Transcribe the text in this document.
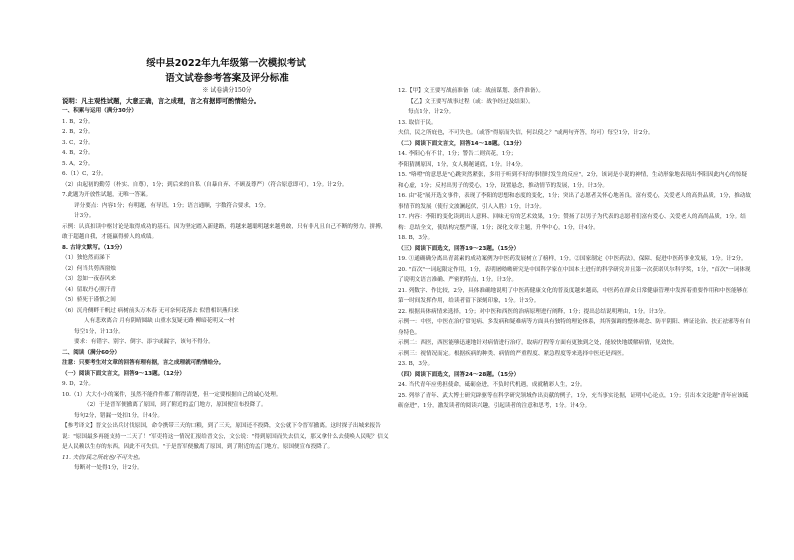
绥中县2022年九年级第一次模拟考试
语文试卷参考答案及评分标准
※ 试卷满分150分
说明：凡主观性试题，大意正确，言之成理，言之有据即可酌情给分。
一、积累与运用（满分30分）
1. B，2分。
2. B，2分。
3. C，2分。
4. B，2分。
5. A，2分。
6.（1）C，2分。
（2）由起初的勤劳（朴实、自尊），1分；到后来的自私（自暴自弃、不顾及尊严）（符合原意即可），1分。计2分。
7.此题为开放性试题，无唯一答案。
评分要点：内容1分；有明题，有导语，1分；语言通顺，字数符合要求，1分。
计3分。
示例：认真扣读中枢讨论是取得成功的基石。因为坚定踏入新建路，将越来越聪明越来越勇敢，只有非凡且自己不断的努力，拼搏，敢于超越自我，才能赢得骄人的成绩。
8. 古诗文默写。（13分）
（1）独怆然而涕下
（2）何当共剪西窗烛
（3）忽如一夜春风来
（4）留取丹心照汗青
（5）骄死于谨慎之间
（6）沉舟侧畔千帆过 病树前头万木春 无可奈何花落去 似曾相识燕归来
人有悲欢离合 月有阴晴圆缺 山重水复疑无路 柳暗花明又一村
每空1分，计13分。
要求：有错字、别字、倒字、添字或漏字，该句不得分。
二、阅读（满分60分）
注意：只要考生对文章的回答有理有据，言之成理就可酌情给分。
（一）阅读下面文言文，回答9～13题。（12分）
9. D，2分。
10.（1）大大小小的案件，虽然不能件件都了解得清楚，但一定要根据自己的诚心处理。
（2）于是晋军便撤离了原国，到了附近的孟门地方，原国便宣布投降了。
每句2分，错漏一处扣1分，计4分。
【参考译文】晋文公出兵讨伐原国，命令携带三天的口粮，到了三天，原国还不投降，文公就下令晋军撤离。这时探子出城来报告说："原国最多再能支持一二天了！"军吏将这一情况汇报给晋文公，文公说："得到原国而失去信义，那又拿什么去使唤人民呢？信义是人民赖以生存的东西，因此不可失信。"于是晋军便撤离了原国，到了附近的孟门地方，原国便宣布投降了。
11. 夫信/民之所庇也/不可失也。
每断对一处得1分，计2分。
12.【甲】文王要写战前准备（或：战前谋划、条件准备）。
【乙】文王要写战事过程（或：战争经过及结果）。
每点1分，计2分。
13. 取信于民。
夫信，民之所庇也，不可失也。（或答"得原而失信，何以使之？"或两句齐答，均可）每空1分，计2分。
（二）阅读下面文言文，回答14～18题。（13分）
14. 李阳心有不甘，1分；警告二则宾花，1分；
李阳猜测原因，1分，女人揭秘谜底，1分。计4分。
15. "咯噔"的意思是"心跳突然紧张，多用于听到不好的事情时发生的反应"，2分，该词是小说的神情，生动形象地表现出李阳因此内心的惊疑和心虚，1分；反衬出男子的爱心，1分，设置悬念，推动情节的发展，1分。计3分。
16. 由"花"展开选文事件，表现了李阳的思想和态度的变化，1分；突出了志愿者关怀心地善良，富有爱心，关爱老人的高贵品质，1分，推动故事情节的发展（使行文波澜起伏，引人入胜）1分，计3分。
17. 内容：李阳的变化读到出人意料、回味无穷的艺术效果，1分；赞扬了以男子为代表的志愿者们富有爱心、关爱老人的高尚品质，1分。结构：总结全文，使结构完整严谨，1分；深化文章主题，升华中心，1分，计4分。
18. B，3分。
（三）阅读下面选文，回答19～23题。（15分）
19. ①通确确分离出青蒿素的成功案例为中医药发展树立了榜样，1分。②国家制定《中医药法》，保障、促进中医药事业发展，1分。计2分。
20. "首次"一词起限定作用，1分，表明屠呦呦研究是中国科学家在中国本土进行的科学研究并且第一次获诺贝尔科学奖，1分，"首次"一词体现了说明文语言准确、严密的特点，1分。计3分。
21. 列数字、作比较，2分，具体准确地说明了中医药健康文化的普及度越来越高，中医药在群众日常健康管理中发挥着重要作用和中医能够在第一时间发挥作用，给读者留下深刻印象，1分。计3分。
22. 根据具体病情来选择，1分；对中医和西医的治病原理进行阐释，1分；提出总结说明理由，1分。计3分。
示例一：中医，中医在治疗常见病、多发病和疑难病等方面具有独特的理论体系，其所强调的整体观念、防平阴阳、辨证论治、扶正祛邪等有自身特色。
示例二：西医，西医能够迅速地针对病情进行治疗，取病疗程等方面有更独到之处，能较快地缓解病情，见效快。
示例三：视情况而定。根据疾病的种类、病情的严重程度、紧急程度等来选择中医还是西医。
23. B，3分。
（四）阅读下面选文，回答24～28题。（15分）
24. 当代青年应勇担使命，砥砺奋进，不负时代机遇，成就精彩人生，2分。
25. 列举了青年、武大博士研究辟驱等在科学研究领域作出贡献的例子，1分，充当事实论据，证明中心论点，1分；引出本文论题"青年应该砥砺奋进"，1分，激发读者的阅读兴趣，引起读者的注意和思考，1分。计4分。
